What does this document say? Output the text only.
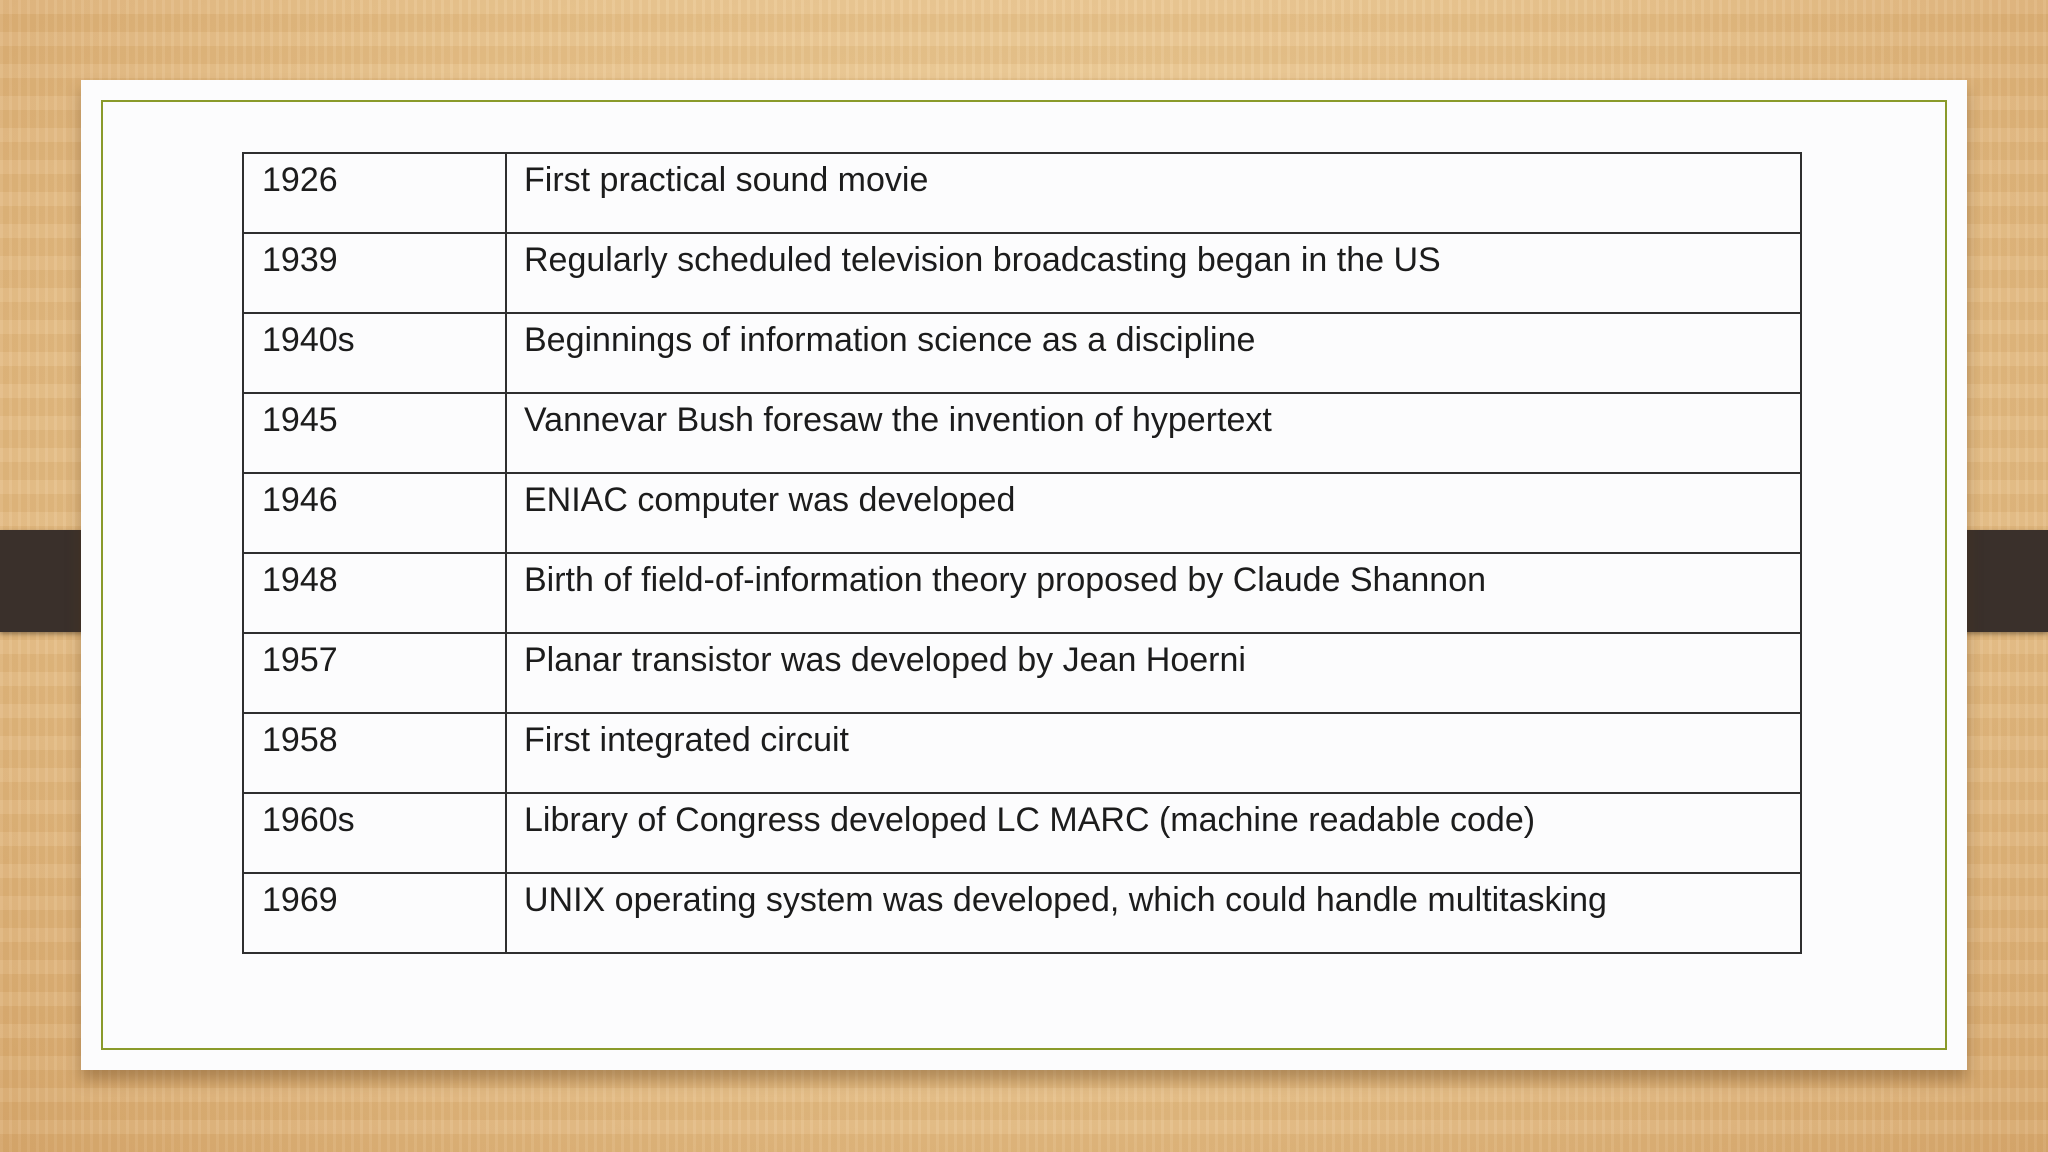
1926	First practical sound movie
1939	Regularly scheduled television broadcasting began in the US
1940s	Beginnings of information science as a discipline
1945	Vannevar Bush foresaw the invention of hypertext
1946	ENIAC computer was developed
1948	Birth of field-of-information theory proposed by Claude Shannon
1957	Planar transistor was developed by Jean Hoerni
1958	First integrated circuit
1960s	Library of Congress developed LC MARC (machine readable code)
1969	UNIX operating system was developed, which could handle multitasking
